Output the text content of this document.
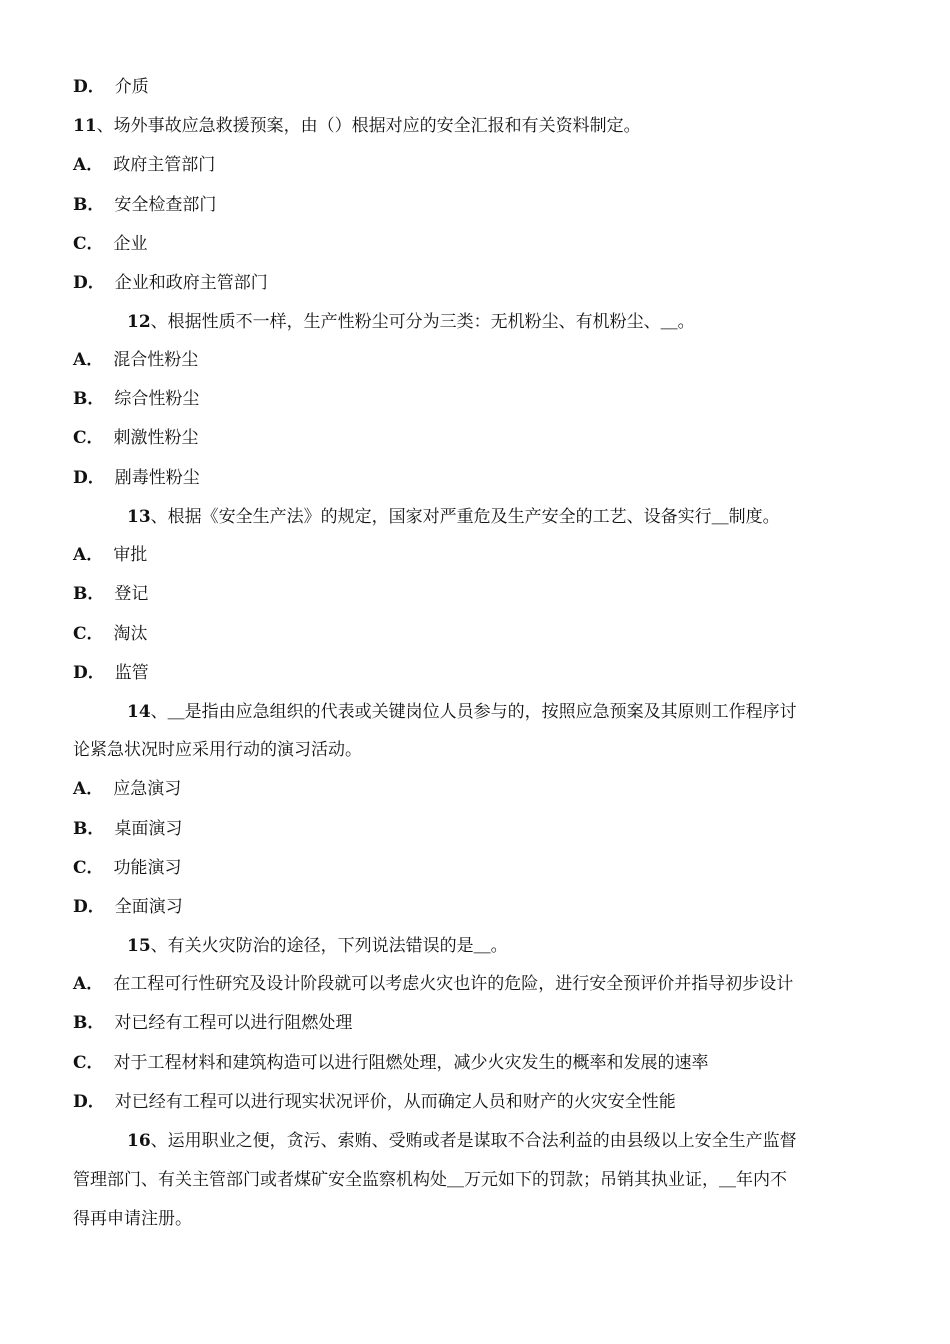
D． 介质
11、场外事故应急救援预案，由（）根据对应的安全汇报和有关资料制定。
A． 政府主管部门
B． 安全检查部门
C． 企业
D． 企业和政府主管部门
12、根据性质不一样，生产性粉尘可分为三类：无机粉尘、有机粉尘、＿。
A． 混合性粉尘
B． 综合性粉尘
C． 刺激性粉尘
D． 剧毒性粉尘
13、根据《安全生产法》的规定，国家对严重危及生产安全的工艺、设备实行＿制度。
A． 审批
B． 登记
C． 淘汰
D． 监管
14、＿是指由应急组织的代表或关键岗位人员参与的，按照应急预案及其原则工作程序讨
论紧急状况时应采用行动的演习活动。
A． 应急演习
B． 桌面演习
C． 功能演习
D． 全面演习
15、有关火灾防治的途径，下列说法错误的是＿。
A． 在工程可行性研究及设计阶段就可以考虑火灾也许的危险，进行安全预评价并指导初步设计
B． 对已经有工程可以进行阻燃处理
C． 对于工程材料和建筑构造可以进行阻燃处理，减少火灾发生的概率和发展的速率
D． 对已经有工程可以进行现实状况评价，从而确定人员和财产的火灾安全性能
16、运用职业之便，贪污、索贿、受贿或者是谋取不合法利益的由县级以上安全生产监督
管理部门、有关主管部门或者煤矿安全监察机构处＿万元如下的罚款；吊销其执业证，＿年内不
得再申请注册。
